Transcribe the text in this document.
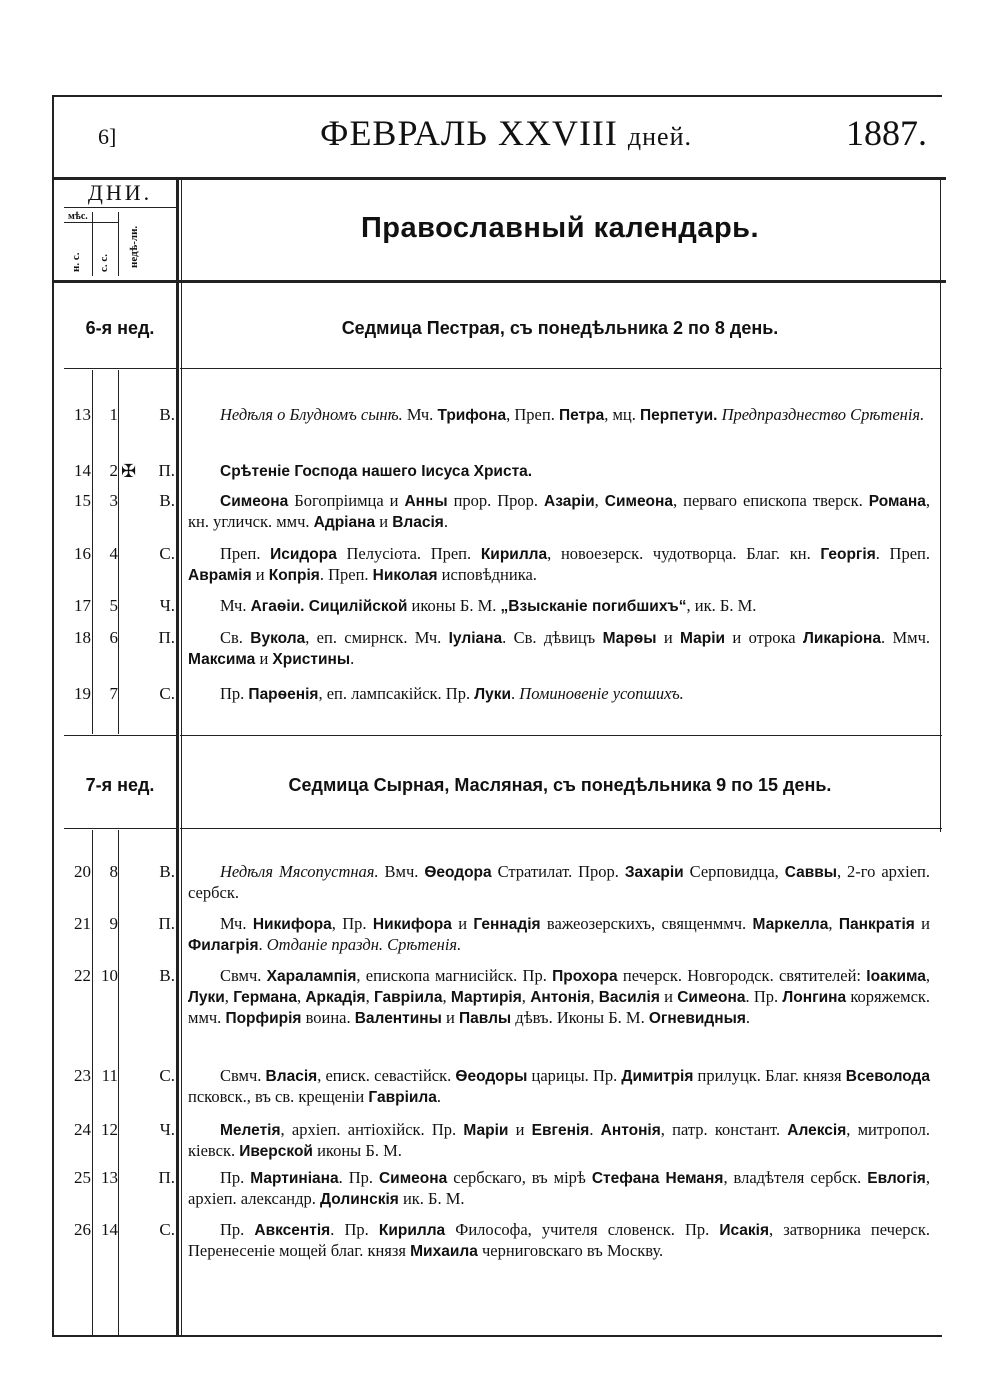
6]	ФЕВРАЛЬ XXVIII дней.	1887.
ДНИ.
мѣс.
н. с. с. с. недѣ-ли.	Православный календарь.
6-я нед.	Седмица Пестрая, съ понедѣльника 2 по 8 день.
13	1	В.	Недѣля о Блудномъ сынѣ. Мч. Трифона, Преп. Петра, мц. Перпетуи. Предпразднество Срѣтенія.
14	2 ✠	П.	Срѣтеніе Господа нашего Іисуса Христа.
15	3	В.	Симеона Богопріимца и Анны прор. Прор. Азаріи, Симеона, перваго епископа тверск. Романа, кн. угличск. ммч. Адріана и Власія.
16	4	С.	Преп. Исидора Пелусіота. Преп. Кирилла, новоезерск. чудотворца. Благ. кн. Георгія. Преп. Аврамія и Копрія. Преп. Николая исповѣдника.
17	5	Ч.	Мч. Агаѳіи. Сицилійской иконы Б. М. „Взысканіе погибшихъ“, ик. Б. М.
18	6	П.	Св. Вукола, еп. смирнск. Мч. Іуліана. Св. дѣвицъ Марѳы и Маріи и отрока Ликаріона. Ммч. Максима и Христины.
19	7	С.	Пр. Парѳенія, еп. лампсакійск. Пр. Луки. Поминовеніе усопшихъ.
7-я нед.	Седмица Сырная, Масляная, съ понедѣльника 9 по 15 день.
20	8	В.	Недѣля Мясопустная. Вмч. Ѳеодора Стратилат. Прор. Захаріи Серповидца, Саввы, 2-го архіеп. сербск.
21	9	П.	Мч. Никифора, Пр. Никифора и Геннадія важеозерскихъ, священммч. Маркелла, Панкратія и Филагрія. Отданіе праздн. Срѣтенія.
22 10	В.	Свмч. Харалампія, епископа магнисійск. Пр. Прохора печерск. Новгородск. святителей: Іоакима, Луки, Германа, Аркадія, Гавріила, Мартирія, Антонія, Василія и Симеона. Пр. Лонгина коряжемск. ммч. Порфирія воина. Валентины и Павлы дѣвъ. Иконы Б. М. Огневидныя.
23 11	С.	Свмч. Власія, еписк. севастійск. Ѳеодоры царицы. Пр. Димитрія прилуцк. Благ. князя Всеволода псковск., въ св. крещеніи Гавріила.
24 12	Ч.	Мелетія, архіеп. антіохійск. Пр. Маріи и Евгенія. Антонія, патр. констант. Алексія, митропол. кіевск. Иверской иконы Б. М.
25 13	П.	Пр. Мартиніана. Пр. Симеона сербскаго, въ мірѣ Стефана Неманя, владѣтеля сербск. Евлогія, архіеп. александр. Долинскія ик. Б. М.
26 14	С.	Пр. Авксентія. Пр. Кирилла Философа, учителя словенск. Пр. Исакія, затворника печерск. Перенесеніе мощей благ. князя Михаила черниговскаго въ Москву.
